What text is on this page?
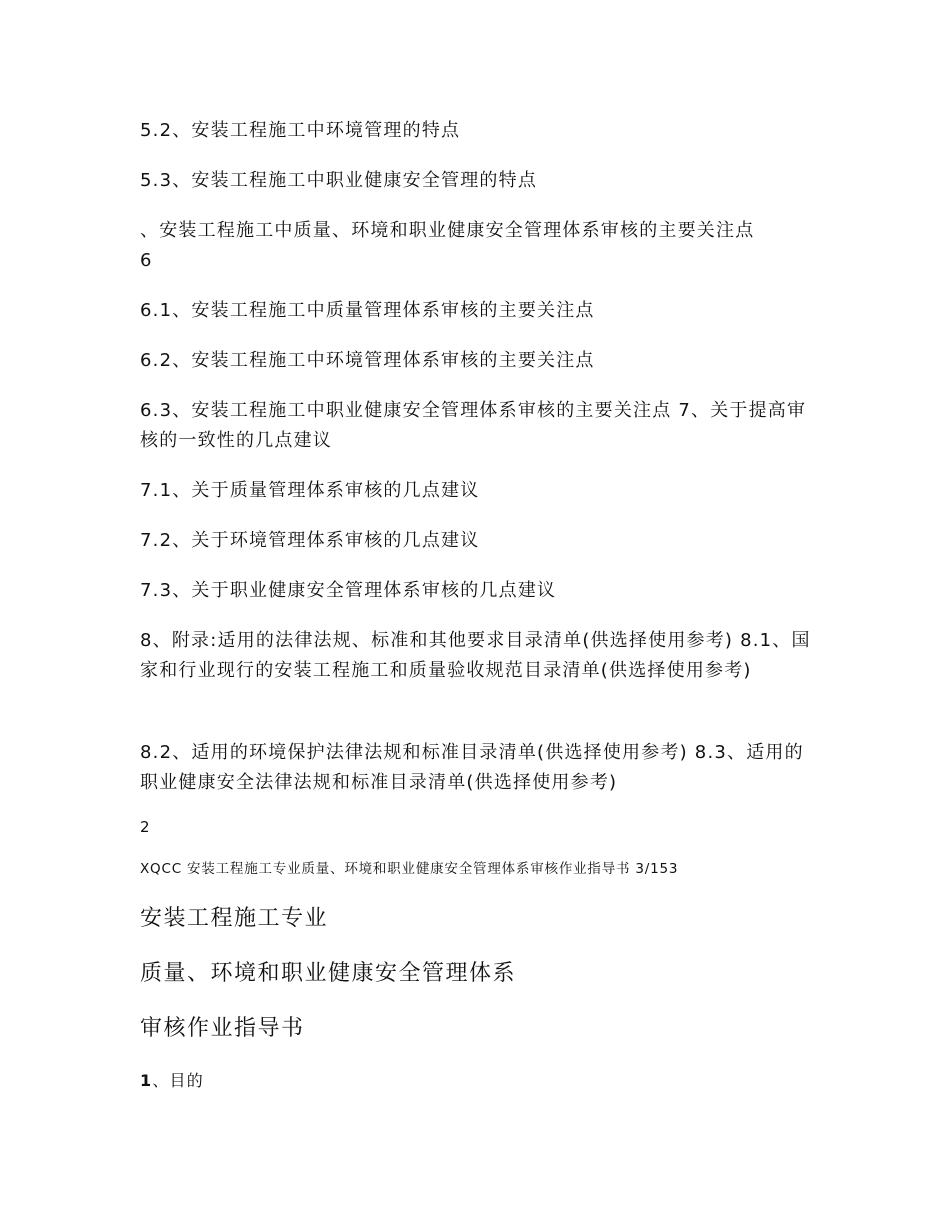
5.2、安装工程施工中环境管理的特点
5.3、安装工程施工中职业健康安全管理的特点
、安装工程施工中质量、环境和职业健康安全管理体系审核的主要关注点
6
6.1、安装工程施工中质量管理体系审核的主要关注点
6.2、安装工程施工中环境管理体系审核的主要关注点
6.3、安装工程施工中职业健康安全管理体系审核的主要关注点 7、关于提高审核的一致性的几点建议
7.1、关于质量管理体系审核的几点建议
7.2、关于环境管理体系审核的几点建议
7.3、关于职业健康安全管理体系审核的几点建议
8、附录:适用的法律法规、标准和其他要求目录清单(供选择使用参考) 8.1、国家和行业现行的安装工程施工和质量验收规范目录清单(供选择使用参考)
8.2、适用的环境保护法律法规和标准目录清单(供选择使用参考) 8.3、适用的职业健康安全法律法规和标准目录清单(供选择使用参考)
2
XQCC 安装工程施工专业质量、环境和职业健康安全管理体系审核作业指导书 3/153
安装工程施工专业
质量、环境和职业健康安全管理体系
审核作业指导书
1、目的
